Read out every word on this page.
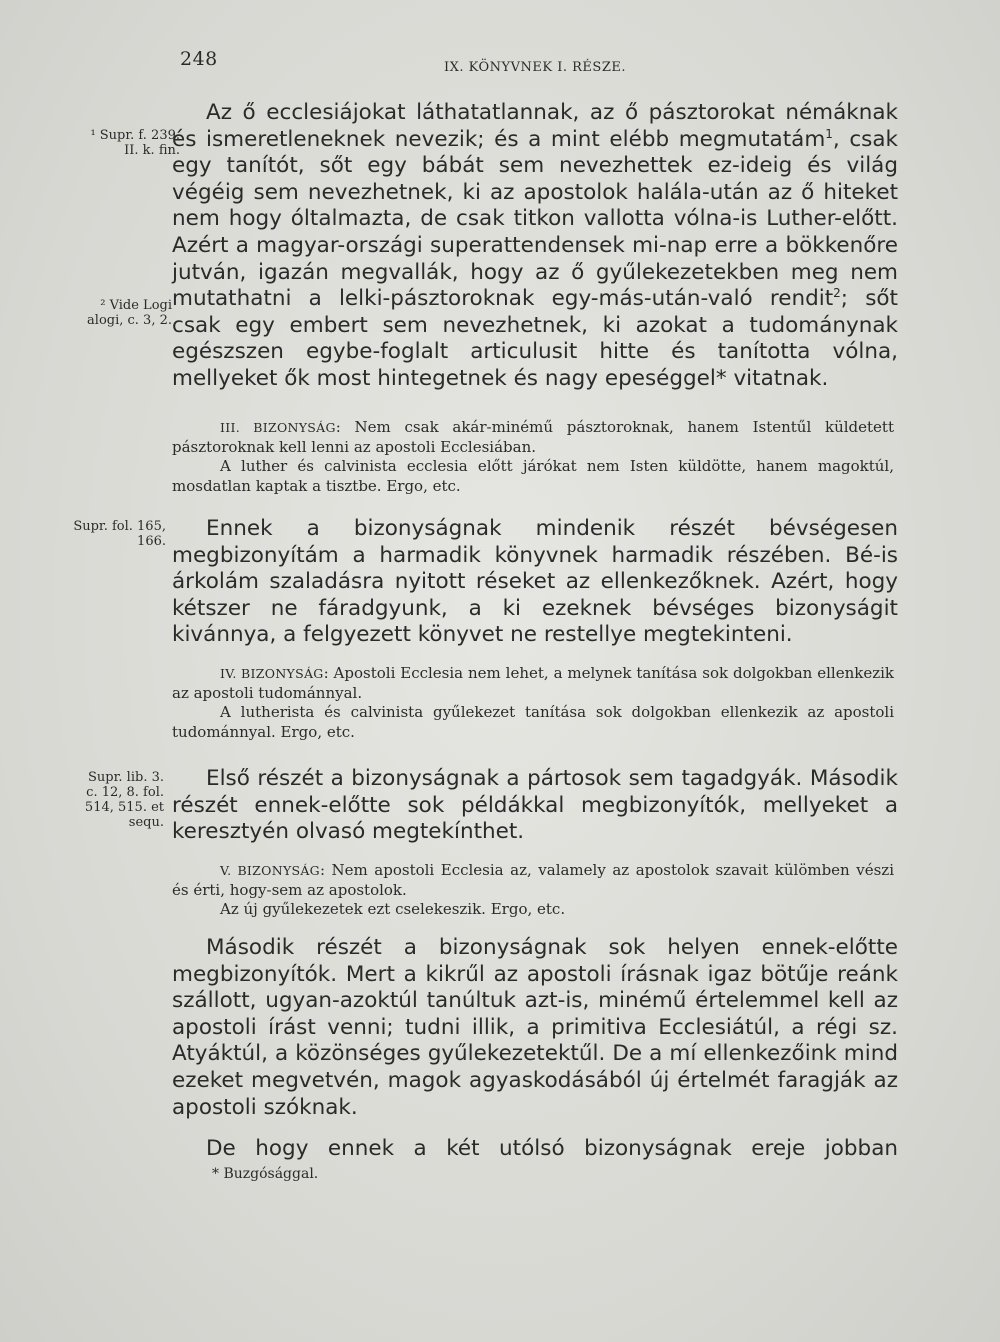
248	IX. KÖNYVNEK I. RÉSZE.
¹ Supr. f. 239.
II. k. fin.
² Vide Logi
alogi, c. 3, 2.
Supr. fol. 165,
166.
Supr. lib. 3.
c. 12, 8. fol.
514, 515. et
sequ.

Az ő ecclesiájokat láthatatlannak, az ő pásztorokat némáknak és ismeretleneknek nevezik; és a mint elébb megmutatám$^1$, csak egy tanítót, sőt egy bábát sem nevezhettek ez-ideig és világ végéig sem nevezhetnek, ki az apostolok halála-után az ő hiteket nem hogy óltalmazta, de csak titkon vallotta vólna-is Luther-előtt. Azért a magyar-országi superattendensek mi-nap erre a bökkenőre jutván, igazán megvallák, hogy az ő gyűlekezetekben meg nem mutathatni a lelki-pásztoroknak egy-más-után-való rendit$^2$; sőt csak egy embert sem nevezhetnek, ki azokat a tudománynak egészszen egybe-foglalt articulusit hitte és tanította vólna, mellyeket ők most hintegetnek és nagy epeséggel* vitatnak.

III. BIZONYSÁG: Nem csak akár-minémű pásztoroknak, hanem Istentűl küldetett pásztoroknak kell lenni az apostoli Ecclesiában.

A luther és calvinista ecclesia előtt járókat nem Isten küldötte, hanem magoktúl, mosdatlan kaptak a tisztbe. Ergo, etc.

Ennek a bizonyságnak mindenik részét bévségesen megbizonyítám a harmadik könyvnek harmadik részében. Bé-is árkolám szaladásra nyitott réseket az ellenkezőknek. Azért, hogy kétszer ne fáradgyunk, a ki ezeknek bévséges bizonyságit kivánnya, a felgyezett könyvet ne restellye megtekinteni.

IV. BIZONYSÁG: Apostoli Ecclesia nem lehet, a melynek tanítása sok dolgokban ellenkezik az apostoli tudománnyal.

A lutherista és calvinista gyűlekezet tanítása sok dolgokban ellenkezik az apostoli tudománnyal. Ergo, etc.

Első részét a bizonyságnak a pártosok sem tagadgyák. Második részét ennek-előtte sok példákkal megbizonyítók, mellyeket a keresztyén olvasó megtekínthet.

V. BIZONYSÁG: Nem apostoli Ecclesia az, valamely az apostolok szavait külömben vészi és érti, hogy-sem az apostolok.

Az új gyűlekezetek ezt cselekeszik. Ergo, etc.

Második részét a bizonyságnak sok helyen ennek-előtte megbizonyítók. Mert a kikrűl az apostoli írásnak igaz bötűje reánk szállott, ugyan-azoktúl tanúltuk azt-is, minémű értelemmel kell az apostoli írást venni; tudni illik, a primitiva Ecclesiátúl, a régi sz. Atyáktúl, a közönséges gyűlekezetektűl. De a mí ellenkezőink mind ezeket megvetvén, magok agyaskodásából új értelmét faragják az apostoli szóknak.

De hogy ennek a két utólsó bizonyságnak ereje jobban

* Buzgósággal.
